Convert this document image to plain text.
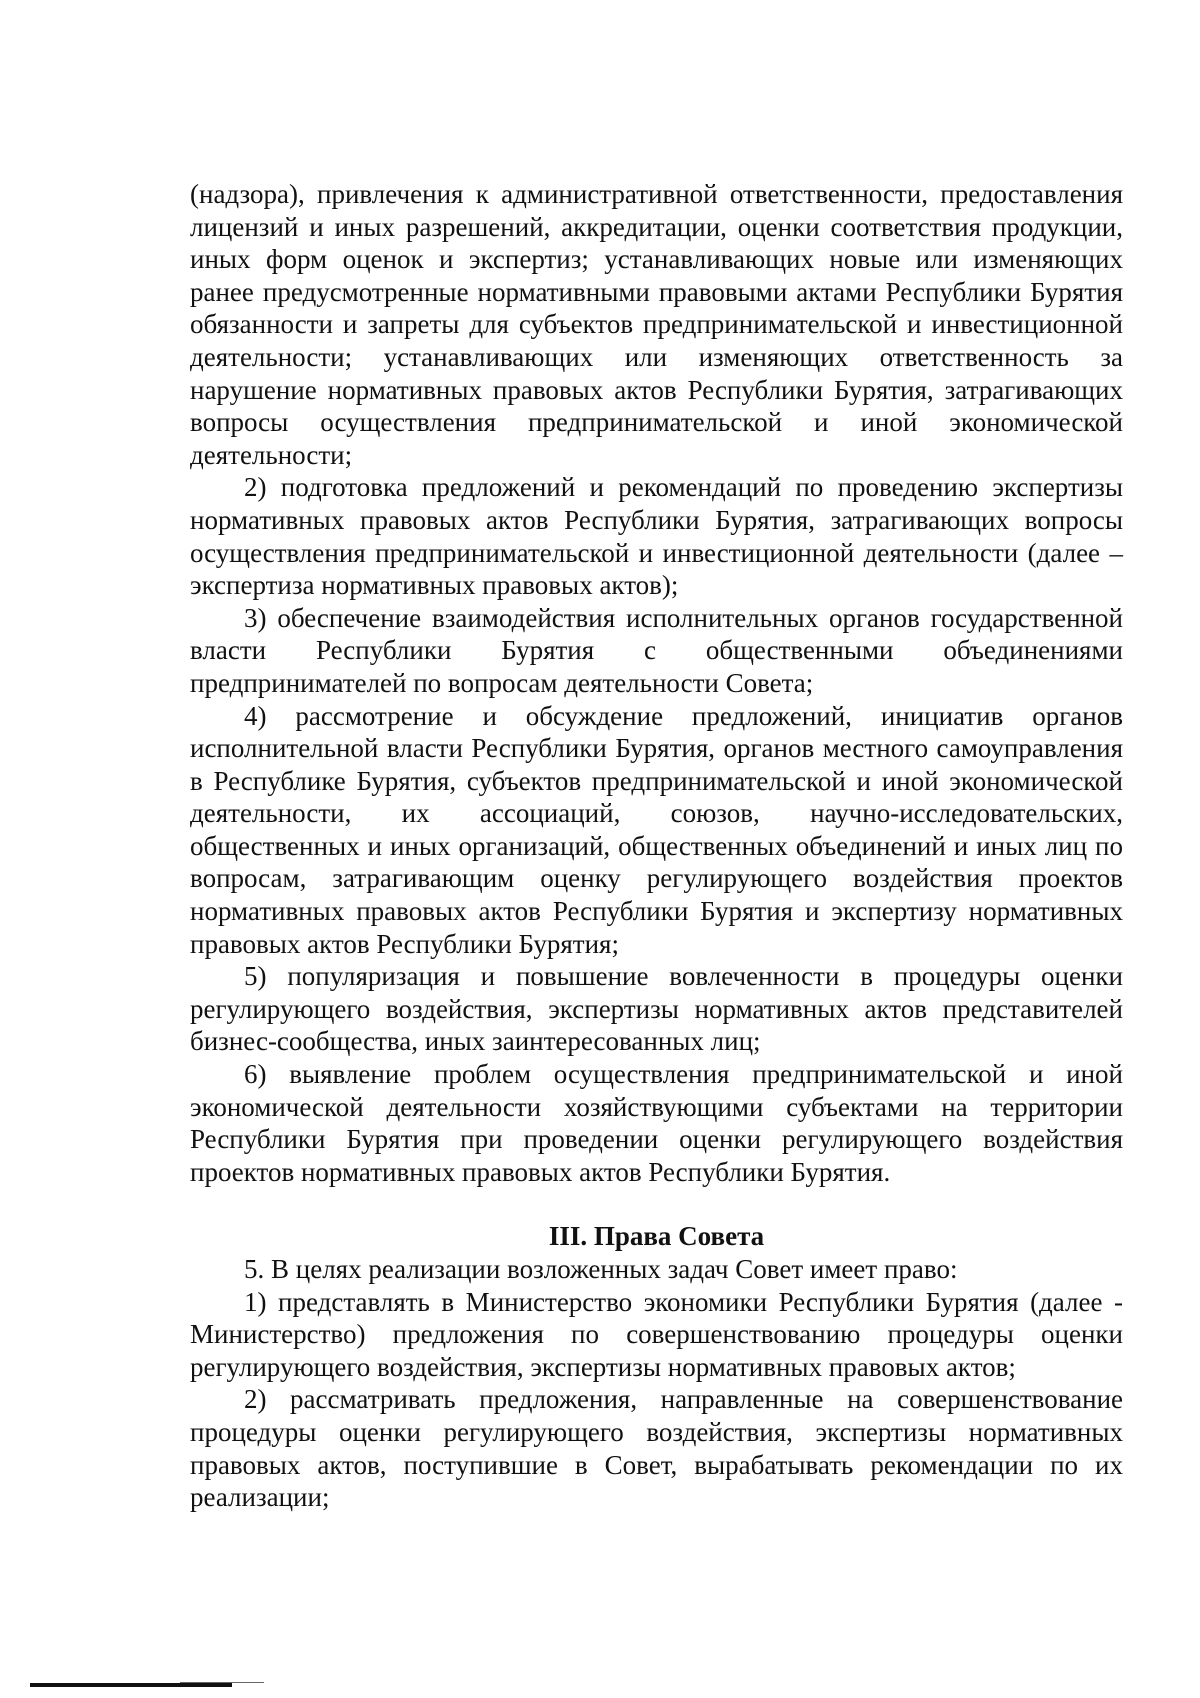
(надзора), привлечения к административной ответственности, предоставления лицензий и иных разрешений, аккредитации, оценки соответствия продукции, иных форм оценок и экспертиз; устанавливающих новые или изменяющих ранее предусмотренные нормативными правовыми актами Республики Бурятия обязанности и запреты для субъектов предпринимательской и инвестиционной деятельности; устанавливающих или изменяющих ответственность за нарушение нормативных правовых актов Республики Бурятия, затрагивающих вопросы осуществления предпринимательской и иной экономической деятельности;

2) подготовка предложений и рекомендаций по проведению экспертизы нормативных правовых актов Республики Бурятия, затрагивающих вопросы осуществления предпринимательской и инвестиционной деятельности (далее – экспертиза нормативных правовых актов);

3) обеспечение взаимодействия исполнительных органов государственной власти Республики Бурятия с общественными объединениями предпринимателей по вопросам деятельности Совета;

4) рассмотрение и обсуждение предложений, инициатив органов исполнительной власти Республики Бурятия, органов местного самоуправления в Республике Бурятия, субъектов предпринимательской и иной экономической деятельности, их ассоциаций, союзов, научно-исследовательских, общественных и иных организаций, общественных объединений и иных лиц по вопросам, затрагивающим оценку регулирующего воздействия проектов нормативных правовых актов Республики Бурятия и экспертизу нормативных правовых актов Республики Бурятия;

5) популяризация и повышение вовлеченности в процедуры оценки регулирующего воздействия, экспертизы нормативных актов представителей бизнес-сообщества, иных заинтересованных лиц;

6) выявление проблем осуществления предпринимательской и иной экономической деятельности хозяйствующими субъектами на территории Республики Бурятия при проведении оценки регулирующего воздействия проектов нормативных правовых актов Республики Бурятия.

III. Права Совета

5. В целях реализации возложенных задач Совет имеет право:

1) представлять в Министерство экономики Республики Бурятия (далее - Министерство) предложения по совершенствованию процедуры оценки регулирующего воздействия, экспертизы нормативных правовых актов;

2) рассматривать предложения, направленные на совершенствование процедуры оценки регулирующего воздействия, экспертизы нормативных правовых актов, поступившие в Совет, вырабатывать рекомендации по их реализации;
